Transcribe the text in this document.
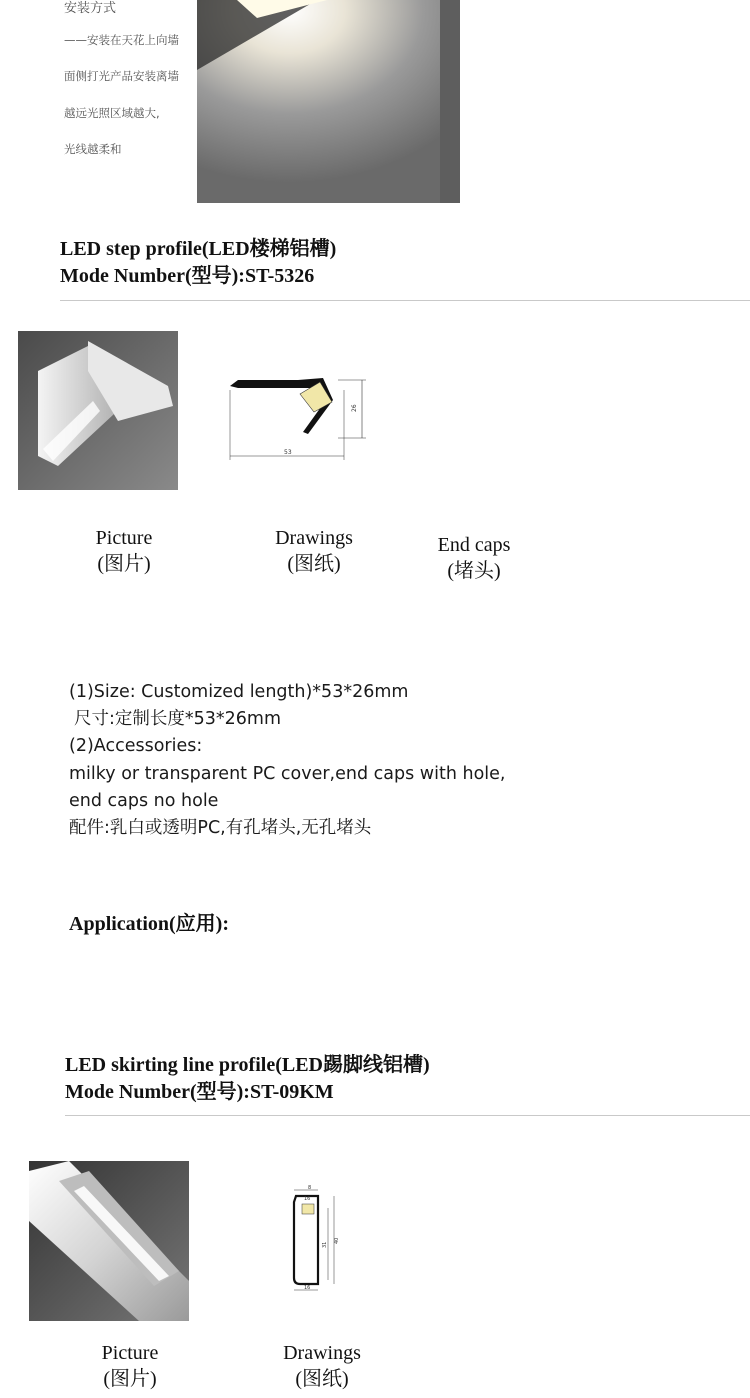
安装方式
——安装在天花上向墙
面侧打光产品安装离墙
越远光照区域越大,
光线越柔和
LED step profile(LED楼梯铝槽)
Mode Number(型号):ST-5326
53
26
Picture
(图片)
Drawings
(图纸)
End caps
(堵头)
(1)Size: Customized length)*53*26mm
尺寸:定制长度*53*26mm
(2)Accessories:
milky or transparent PC cover,end caps with hole,
end caps no hole
配件:乳白或透明PC,有孔堵头,无孔堵头
Application(应用):
LED skirting line profile(LED踢脚线铝槽)
Mode Number(型号):ST-09KM
8
16
40
31
16
Picture
(图片)
Drawings
(图纸)
